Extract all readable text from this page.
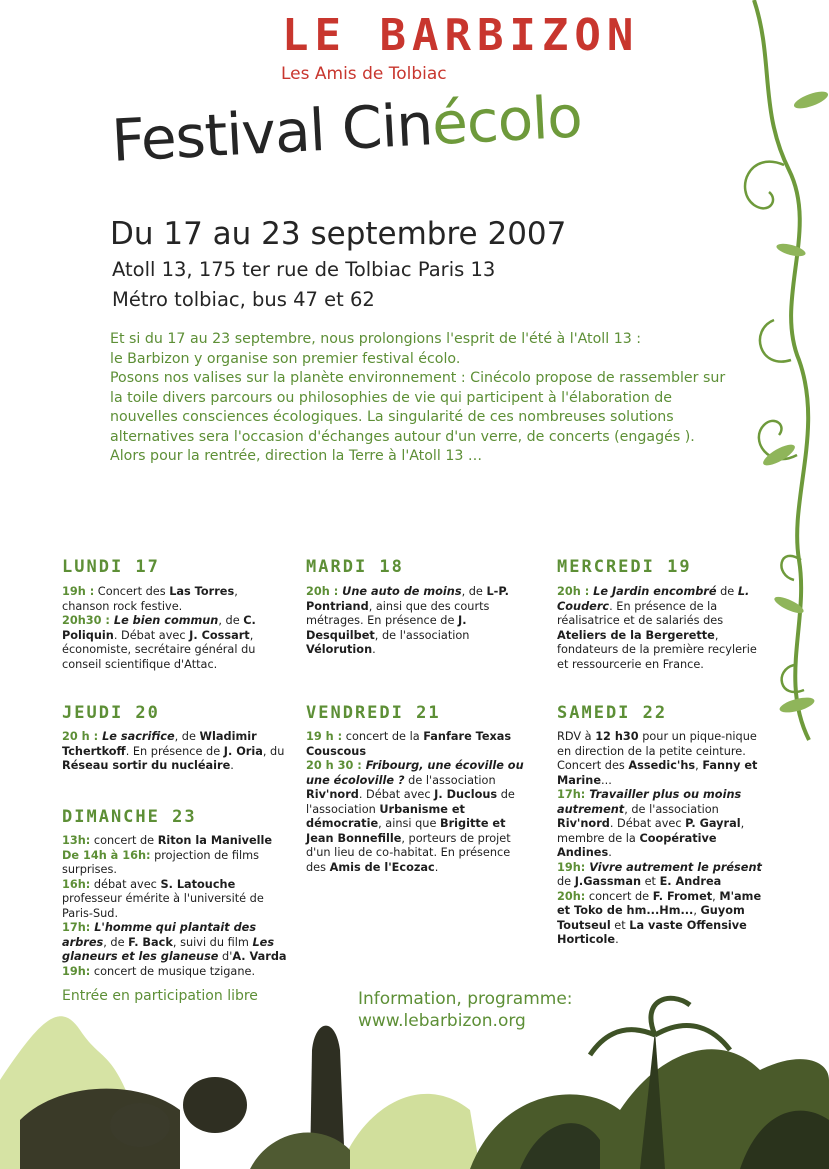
LE BARBIZON
Les Amis de Tolbiac
Festival Cinécolo
Du 17 au 23 septembre 2007
Atoll 13, 175 ter rue de Tolbiac Paris 13
Métro tolbiac, bus 47 et 62

Et si du 17 au 23 septembre, nous prolongions l'esprit de l'été à l'Atoll 13 :

le Barbizon y organise son premier festival écolo.

Posons nos valises sur la planète environnement : Cinécolo propose de rassembler sur la toile divers parcours ou philosophies de vie qui participent à l'élaboration de nouvelles consciences écologiques. La singularité de ces nombreuses solutions alternatives sera l'occasion d'échanges autour d'un verre, de concerts (engagés ).

Alors pour la rentrée, direction la Terre à l'Atoll 13 …

LUNDI 17

19h : Concert des Las Torres, chanson rock festive.

20h30 : Le bien commun, de C. Poliquin. Débat avec J. Cossart, économiste, secrétaire général du conseil scientifique d'Attac.

MARDI 18

20h : Une auto de moins, de L-P. Pontriand, ainsi que des courts métrages. En présence de J. Desquilbet, de l'association Vélorution.

MERCREDI 19

20h : Le Jardin encombré de L. Couderc. En présence de la réalisatrice et de salariés des Ateliers de la Bergerette, fondateurs de la première recylerie et ressourcerie en France.

JEUDI 20

20 h : Le sacrifice, de Wladimir Tchertkoff. En présence de J. Oria, du Réseau sortir du nucléaire.

VENDREDI 21

19 h : concert de la Fanfare Texas Couscous

20 h 30 : Fribourg, une écoville ou une écoloville ? de l'association Riv'nord. Débat avec J. Duclous de l'association Urbanisme et démocratie, ainsi que Brigitte et Jean Bonnefille, porteurs de projet d'un lieu de co-habitat. En présence des Amis de l'Ecozac.

SAMEDI 22

RDV à 12 h30 pour un pique-nique en direction de la petite ceinture. Concert des Assedic'hs, Fanny et Marine...

17h: Travailler plus ou moins autrement, de l'association Riv'nord. Débat avec P. Gayral, membre de la Coopérative Andines.

19h: Vivre autrement le présent de J.Gassman et E. Andrea

20h: concert de F. Fromet, M'ame et Toko de hm...Hm..., Guyom Toutseul et La vaste Offensive Horticole.

DIMANCHE 23

13h: concert de Riton la Manivelle

De 14h à 16h: projection de films surprises.

16h: débat avec S. Latouche professeur émérite à l'université de Paris-Sud.

17h: L'homme qui plantait des arbres, de F. Back, suivi du film Les glaneurs et les glaneuse d'A. Varda

19h: concert de musique tzigane.

Entrée en participation libre	Information, programme:
www.lebarbizon.org
